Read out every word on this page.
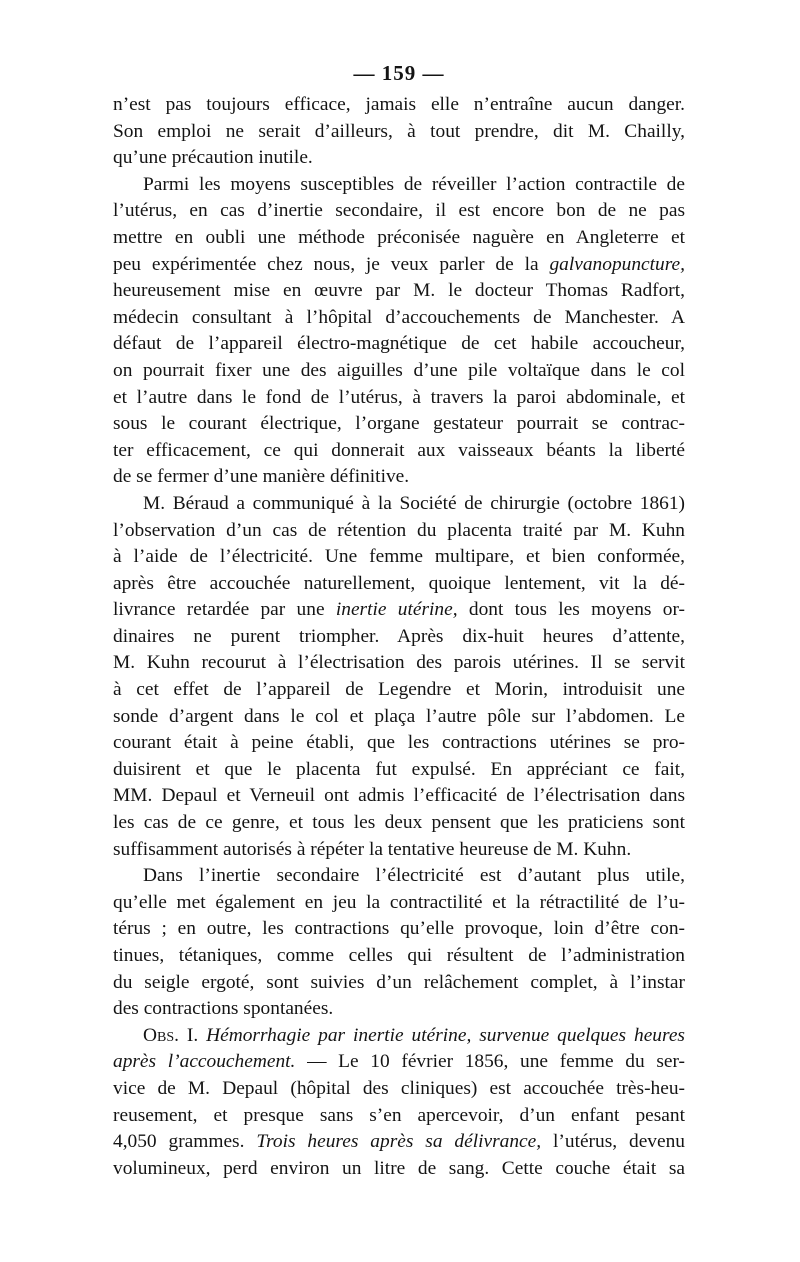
— 159 —
n’est pas toujours efficace, jamais elle n’entraîne aucun danger.
Son emploi ne serait d’ailleurs, à tout prendre, dit M. Chailly,
qu’une précaution inutile.
Parmi les moyens susceptibles de réveiller l’action contractile de
l’utérus, en cas d’inertie secondaire, il est encore bon de ne pas
mettre en oubli une méthode préconisée naguère en Angleterre et
peu expérimentée chez nous, je veux parler de la galvanopuncture,
heureusement mise en œuvre par M. le docteur Thomas Radfort,
médecin consultant à l’hôpital d’accouchements de Manchester. A
défaut de l’appareil électro-magnétique de cet habile accoucheur,
on pourrait fixer une des aiguilles d’une pile voltaïque dans le col
et l’autre dans le fond de l’utérus, à travers la paroi abdominale, et
sous le courant électrique, l’organe gestateur pourrait se contrac-
ter efficacement, ce qui donnerait aux vaisseaux béants la liberté
de se fermer d’une manière définitive.
M. Béraud a communiqué à la Société de chirurgie (octobre 1861)
l’observation d’un cas de rétention du placenta traité par M. Kuhn
à l’aide de l’électricité. Une femme multipare, et bien conformée,
après être accouchée naturellement, quoique lentement, vit la dé-
livrance retardée par une inertie utérine, dont tous les moyens or-
dinaires ne purent triompher. Après dix-huit heures d’attente,
M. Kuhn recourut à l’électrisation des parois utérines. Il se servit
à cet effet de l’appareil de Legendre et Morin, introduisit une
sonde d’argent dans le col et plaça l’autre pôle sur l’abdomen. Le
courant était à peine établi, que les contractions utérines se pro-
duisirent et que le placenta fut expulsé. En appréciant ce fait,
MM. Depaul et Verneuil ont admis l’efficacité de l’électrisation dans
les cas de ce genre, et tous les deux pensent que les praticiens sont
suffisamment autorisés à répéter la tentative heureuse de M. Kuhn.
Dans l’inertie secondaire l’électricité est d’autant plus utile,
qu’elle met également en jeu la contractilité et la rétractilité de l’u-
térus ; en outre, les contractions qu’elle provoque, loin d’être con-
tinues, tétaniques, comme celles qui résultent de l’administration
du seigle ergoté, sont suivies d’un relâchement complet, à l’instar
des contractions spontanées.
Obs. I. Hémorrhagie par inertie utérine, survenue quelques heures
après l’accouchement. — Le 10 février 1856, une femme du ser-
vice de M. Depaul (hôpital des cliniques) est accouchée très-heu-
reusement, et presque sans s’en apercevoir, d’un enfant pesant
4,050 grammes. Trois heures après sa délivrance, l’utérus, devenu
volumineux, perd environ un litre de sang. Cette couche était sa
